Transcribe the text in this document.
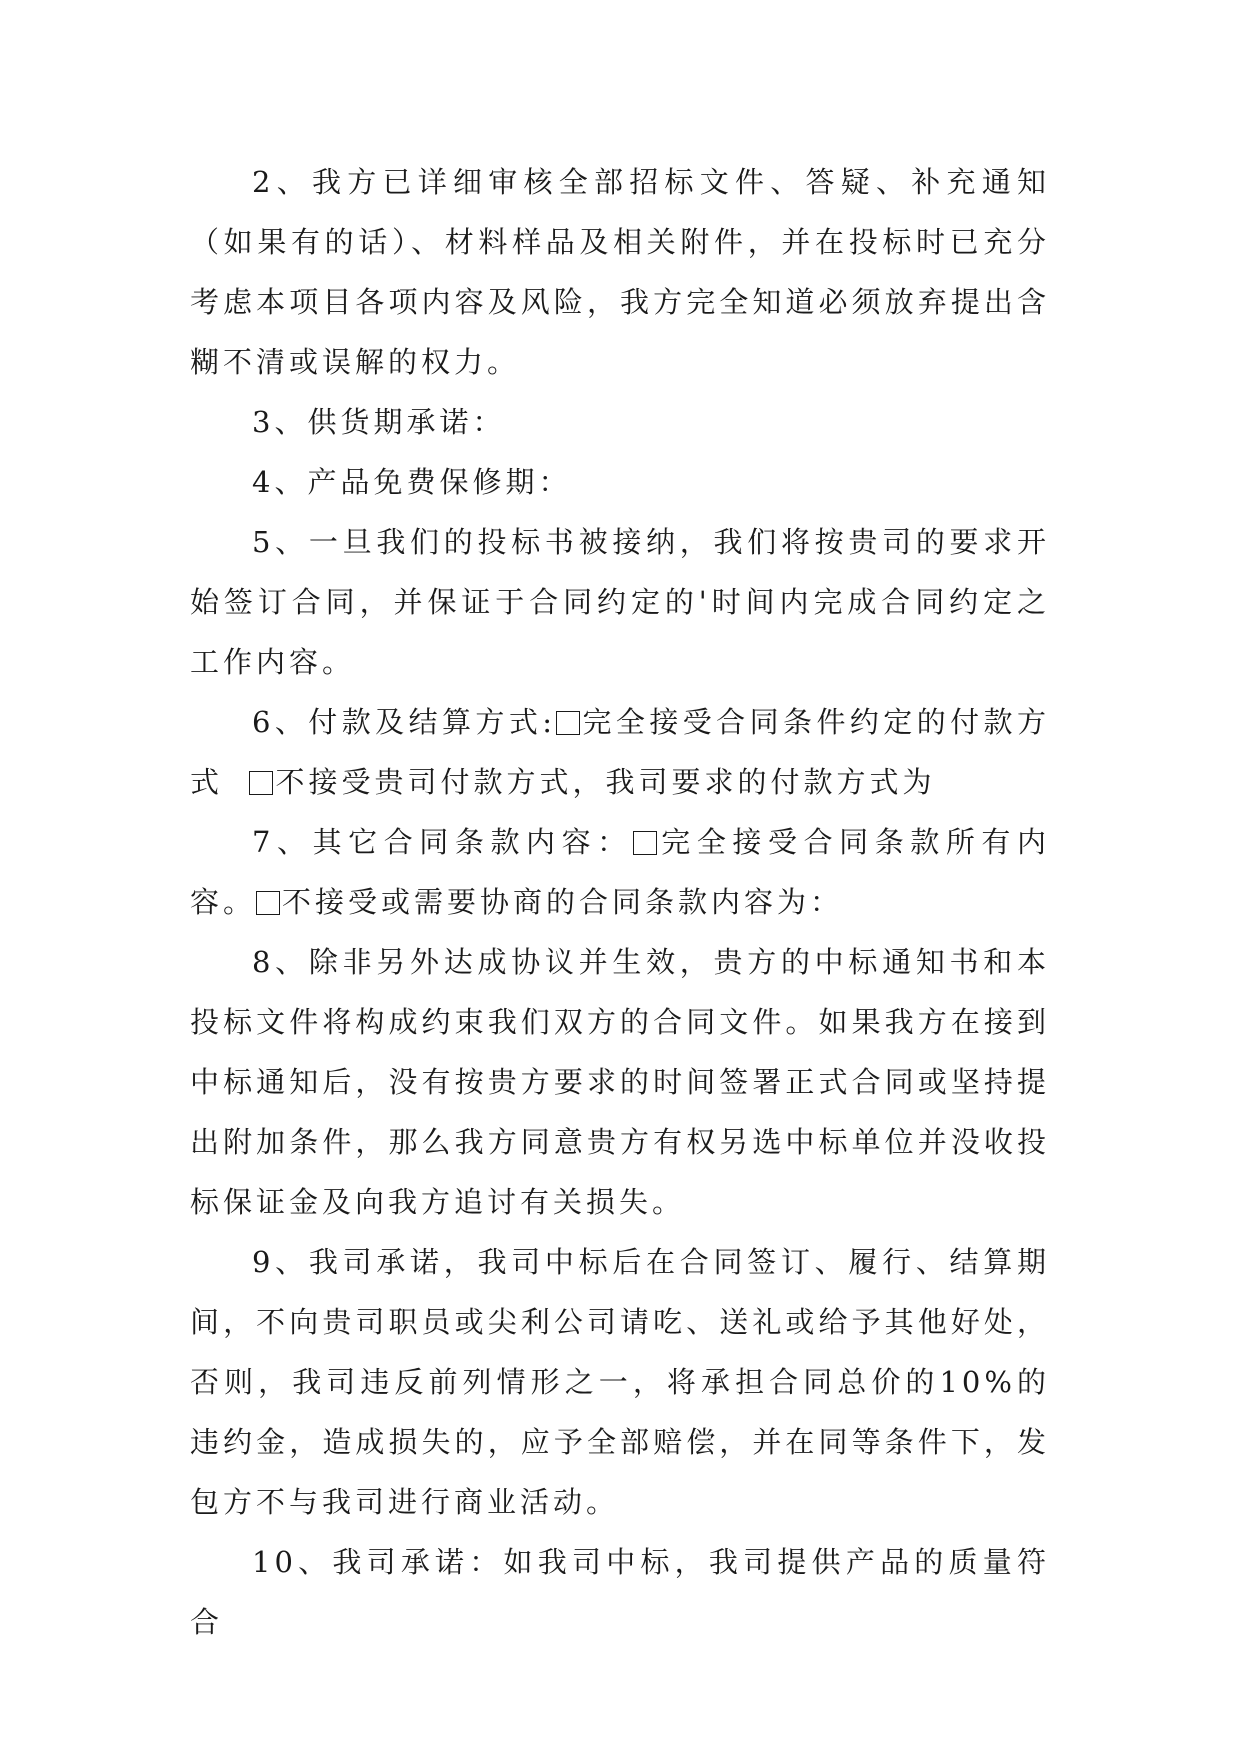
2、我方已详细审核全部招标文件、答疑、补充通知（如果有的话）、材料样品及相关附件，并在投标时已充分考虑本项目各项内容及风险，我方完全知道必须放弃提出含糊不清或误解的权力。

3、供货期承诺：

4、产品免费保修期：

5、一旦我们的投标书被接纳，我们将按贵司的要求开始签订合同，并保证于合同约定的'时间内完成合同约定之工作内容。

6、付款及结算方式: 完全接受合同条件约定的付款方式 不接受贵司付款方式，我司要求的付款方式为

7、其它合同条款内容： 完全接受合同条款所有内容。 不接受或需要协商的合同条款内容为：

8、除非另外达成协议并生效，贵方的中标通知书和本投标文件将构成约束我们双方的合同文件。如果我方在接到中标通知后，没有按贵方要求的时间签署正式合同或坚持提出附加条件，那么我方同意贵方有权另选中标单位并没收投标保证金及向我方追讨有关损失。

9、我司承诺，我司中标后在合同签订、履行、结算期间，不向贵司职员或尖利公司请吃、送礼或给予其他好处，否则，我司违反前列情形之一，将承担合同总价的10%的违约金，造成损失的，应予全部赔偿，并在同等条件下，发包方不与我司进行商业活动。

10、我司承诺：如我司中标，我司提供产品的质量符合
